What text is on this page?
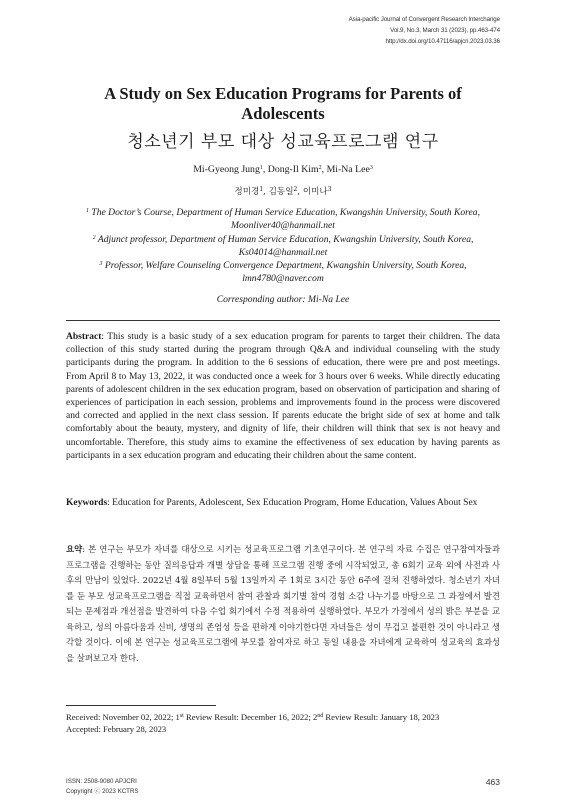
Asia-pacific Journal of Convergent Research Interchange
Vol.9, No.3, March 31 (2023), pp.463-474
http://dx.doi.org/10.47116/apjcri.2023.03.36
A Study on Sex Education Programs for Parents of Adolescents
청소년기 부모 대상 성교육프로그램 연구
Mi-Gyeong Jung$^1$, Dong-Il Kim$^2$, Mi-Na Lee$^3$
정미경$^1$, 김동일$^2$, 이미나$^3$

$^1$ The Doctor’s Course, Department of Human Service Education, Kwangshin University, South Korea,
Moonliver40@hanmail.net

$^2$ Adjunct professor, Department of Human Service Education, Kwangshin University, South Korea,
Ks04014@hanmail.net

$^3$ Professor, Welfare Counseling Convergence Department, Kwangshin University, South Korea,
lmn4780@naver.com

Corresponding author: Mi-Na Lee
Abstract: This study is a basic study of a sex education program for parents to target their children. The data collection of this study started during the program through Q&A and individual counseling with the study participants during the program. In addition to the 6 sessions of education, there were pre and post meetings. From April 8 to May 13, 2022, it was conducted once a week for 3 hours over 6 weeks. While directly educating parents of adolescent children in the sex education program, based on observation of participation and sharing of experiences of participation in each session, problems and improvements found in the process were discovered and corrected and applied in the next class session. If parents educate the bright side of sex at home and talk comfortably about the beauty, mystery, and dignity of life, their children will think that sex is not heavy and uncomfortable. Therefore, this study aims to examine the effectiveness of sex education by having parents as participants in a sex education program and educating their children about the same content.
Keywords: Education for Parents, Adolescent, Sex Education Program, Home Education, Values About Sex
요약: 본 연구는 부모가 자녀를 대상으로 시키는 성교육프로그램 기초연구이다. 본 연구의 자료 수집은 연구참여자들과 프로그램을 진행하는 동안 질의응답과 개별 상담을 통해 프로그램 진행 중에 시작되었고, 총 6회기 교육 외에 사전과 사후의 만남이 있었다. 2022년 4월 8일부터 5월 13일까지 주 1회로 3시간 동안 6주에 걸쳐 진행하였다. 청소년기 자녀를 둔 부모 성교육프로그램을 직접 교육하면서 참여 관찰과 회기별 참여 경험 소감 나누기를 바탕으로 그 과정에서 발견되는 문제점과 개선점을 발견하여 다음 수업 회기에서 수정 적용하여 실행하였다. 부모가 가정에서 성의 밝은 부분을 교육하고, 성의 아름다움과 신비, 생명의 존엄성 등을 편하게 이야기한다면 자녀들은 성이 무겁고 불편한 것이 아니라고 생각할 것이다. 이에 본 연구는 성교육프로그램에 부모를 참여자로 하고 동일 내용을 자녀에게 교육하여 성교육의 효과성을 살펴보고자 한다.
Received: November 02, 2022; 1st Review Result: December 16, 2022; 2nd Review Result: January 18, 2023
Accepted: February 28, 2023
ISSN: 2508-9080 APJCRI
Copyright ⓒ 2023 KCTRS
463
